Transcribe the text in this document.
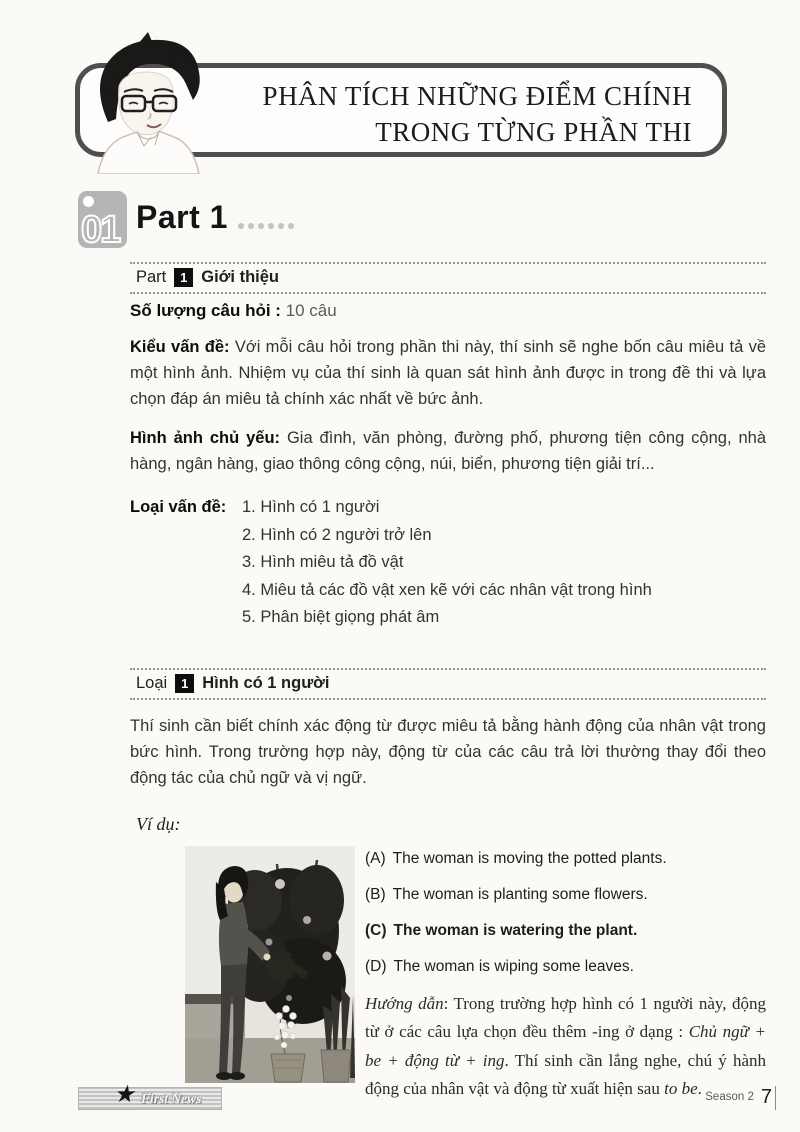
PHÂN TÍCH NHỮNG ĐIỂM CHÍNH
TRONG TỪNG PHẦN THI
01 Part 1
Part	1 Giới thiệu
Số lượng câu hỏi : 10 câu

Kiểu vấn đề: Với mỗi câu hỏi trong phần thi này, thí sinh sẽ nghe bốn câu miêu tả về một hình ảnh. Nhiệm vụ của thí sinh là quan sát hình ảnh được in trong đề thi và lựa chọn đáp án miêu tả chính xác nhất về bức ảnh.

Hình ảnh chủ yếu: Gia đình, văn phòng, đường phố, phương tiện công cộng, nhà hàng, ngân hàng, giao thông công cộng, núi, biển, phương tiện giải trí...

Loại vấn đề: 1. Hình có 1 người
2. Hình có 2 người trở lên
3. Hình miêu tả đồ vật
4. Miêu tả các đồ vật xen kẽ với các nhân vật trong hình
5. Phân biệt giọng phát âm
Loại	1 Hình có 1 người

Thí sinh cần biết chính xác động từ được miêu tả bằng hành động của nhân vật trong bức hình. Trong trường hợp này, động từ của các câu trả lời thường thay đổi theo động tác của chủ ngữ và vị ngữ.

Ví dụ:
(A) The woman is moving the potted plants.
(B) The woman is planting some flowers.
(C) The woman is watering the plant.
(D) The woman is wiping some leaves.

Hướng dẫn: Trong trường hợp hình có 1 người này, động từ ở các câu lựa chọn đều thêm -ing ở dạng : Chủ ngữ + be + động từ + ing. Thí sinh cần lắng nghe, chú ý hành động của nhân vật và động từ xuất hiện sau to be.

★ First News	Season 2 7
